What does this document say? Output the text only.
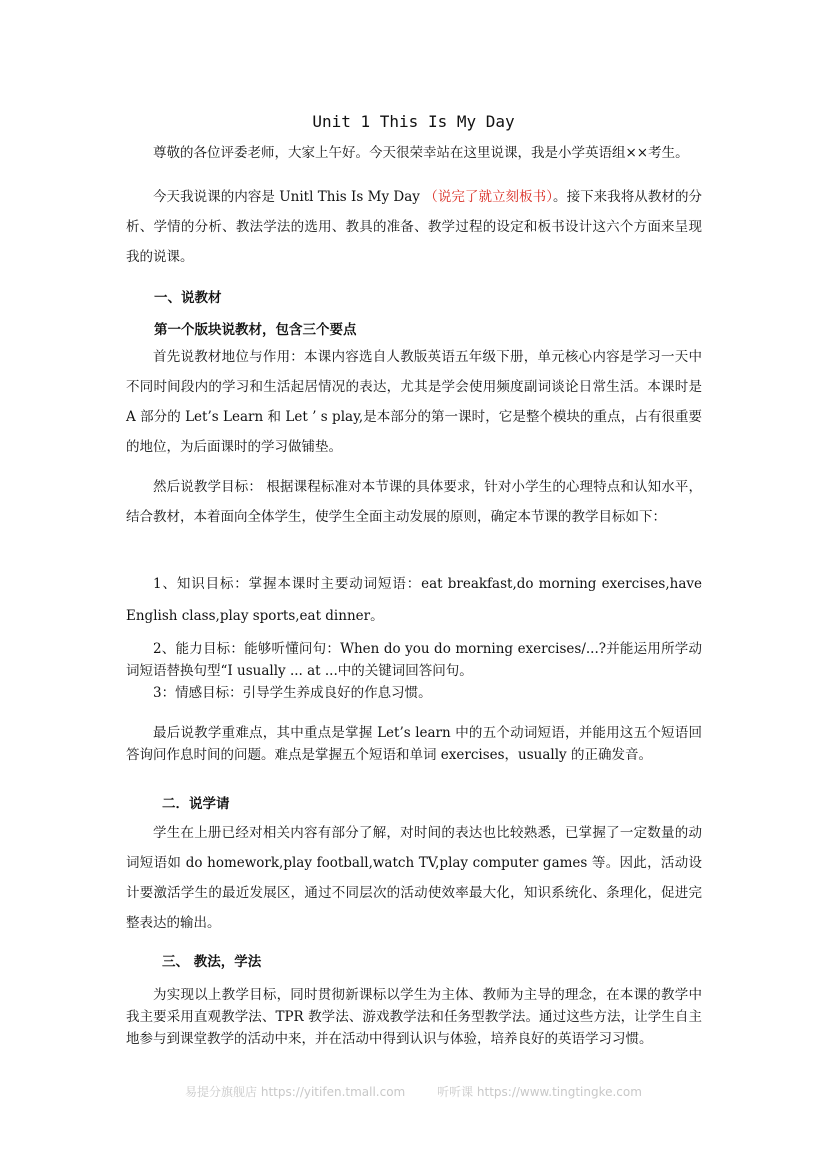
Unit 1 This Is My Day

尊敬的各位评委老师，大家上午好。今天很荣幸站在这里说课，我是小学英语组××考生。

今天我说课的内容是 Unitl This Is My Day （说完了就立刻板书）。接下来我将从教材的分析、学情的分析、教法学法的选用、教具的准备、教学过程的设定和板书设计这六个方面来呈现我的说课。

一、说教材
第一个版块说教材，包含三个要点

首先说教材地位与作用：本课内容选自人教版英语五年级下册，单元核心内容是学习一天中不同时间段内的学习和生活起居情况的表达，尤其是学会使用频度副词谈论日常生活。本课时是 A 部分的 Let’s Learn 和 Let ’ s play,是本部分的第一课时，它是整个模块的重点，占有很重要的地位，为后面课时的学习做铺垫。

然后说教学目标： 根据课程标准对本节课的具体要求，针对小学生的心理特点和认知水平，结合教材，本着面向全体学生，使学生全面主动发展的原则，确定本节课的教学目标如下：

1、知识目标：掌握本课时主要动词短语：eat breakfast,do morning exercises,have English class,play sports,eat dinner。

2、能力目标：能够听懂问句：When do you do morning exercises/...?并能运用所学动词短语替换句型“I usually ... at ...中的关键词回答问句。

3：情感目标：引导学生养成良好的作息习惯。

最后说教学重难点，其中重点是掌握 Let’s learn 中的五个动词短语，并能用这五个短语回答询问作息时间的问题。难点是掌握五个短语和单词 exercises，usually 的正确发音。

二．说学请

学生在上册已经对相关内容有部分了解，对时间的表达也比较熟悉，已掌握了一定数量的动词短语如 do homework,play football,watch TV,play computer games 等。因此，活动设计要激活学生的最近发展区，通过不同层次的活动使效率最大化，知识系统化、条理化，促进完整表达的输出。

三、 教法，学法

为实现以上教学目标，同时贯彻新课标以学生为主体、教师为主导的理念，在本课的教学中我主要采用直观教学法、TPR 教学法、游戏教学法和任务型教学法。通过这些方法，让学生自主地参与到课堂教学的活动中来，并在活动中得到认识与体验，培养良好的英语学习习惯。

易提分旗舰店 https://yitifen.tmall.com	听听课 https://www.tingtingke.com
